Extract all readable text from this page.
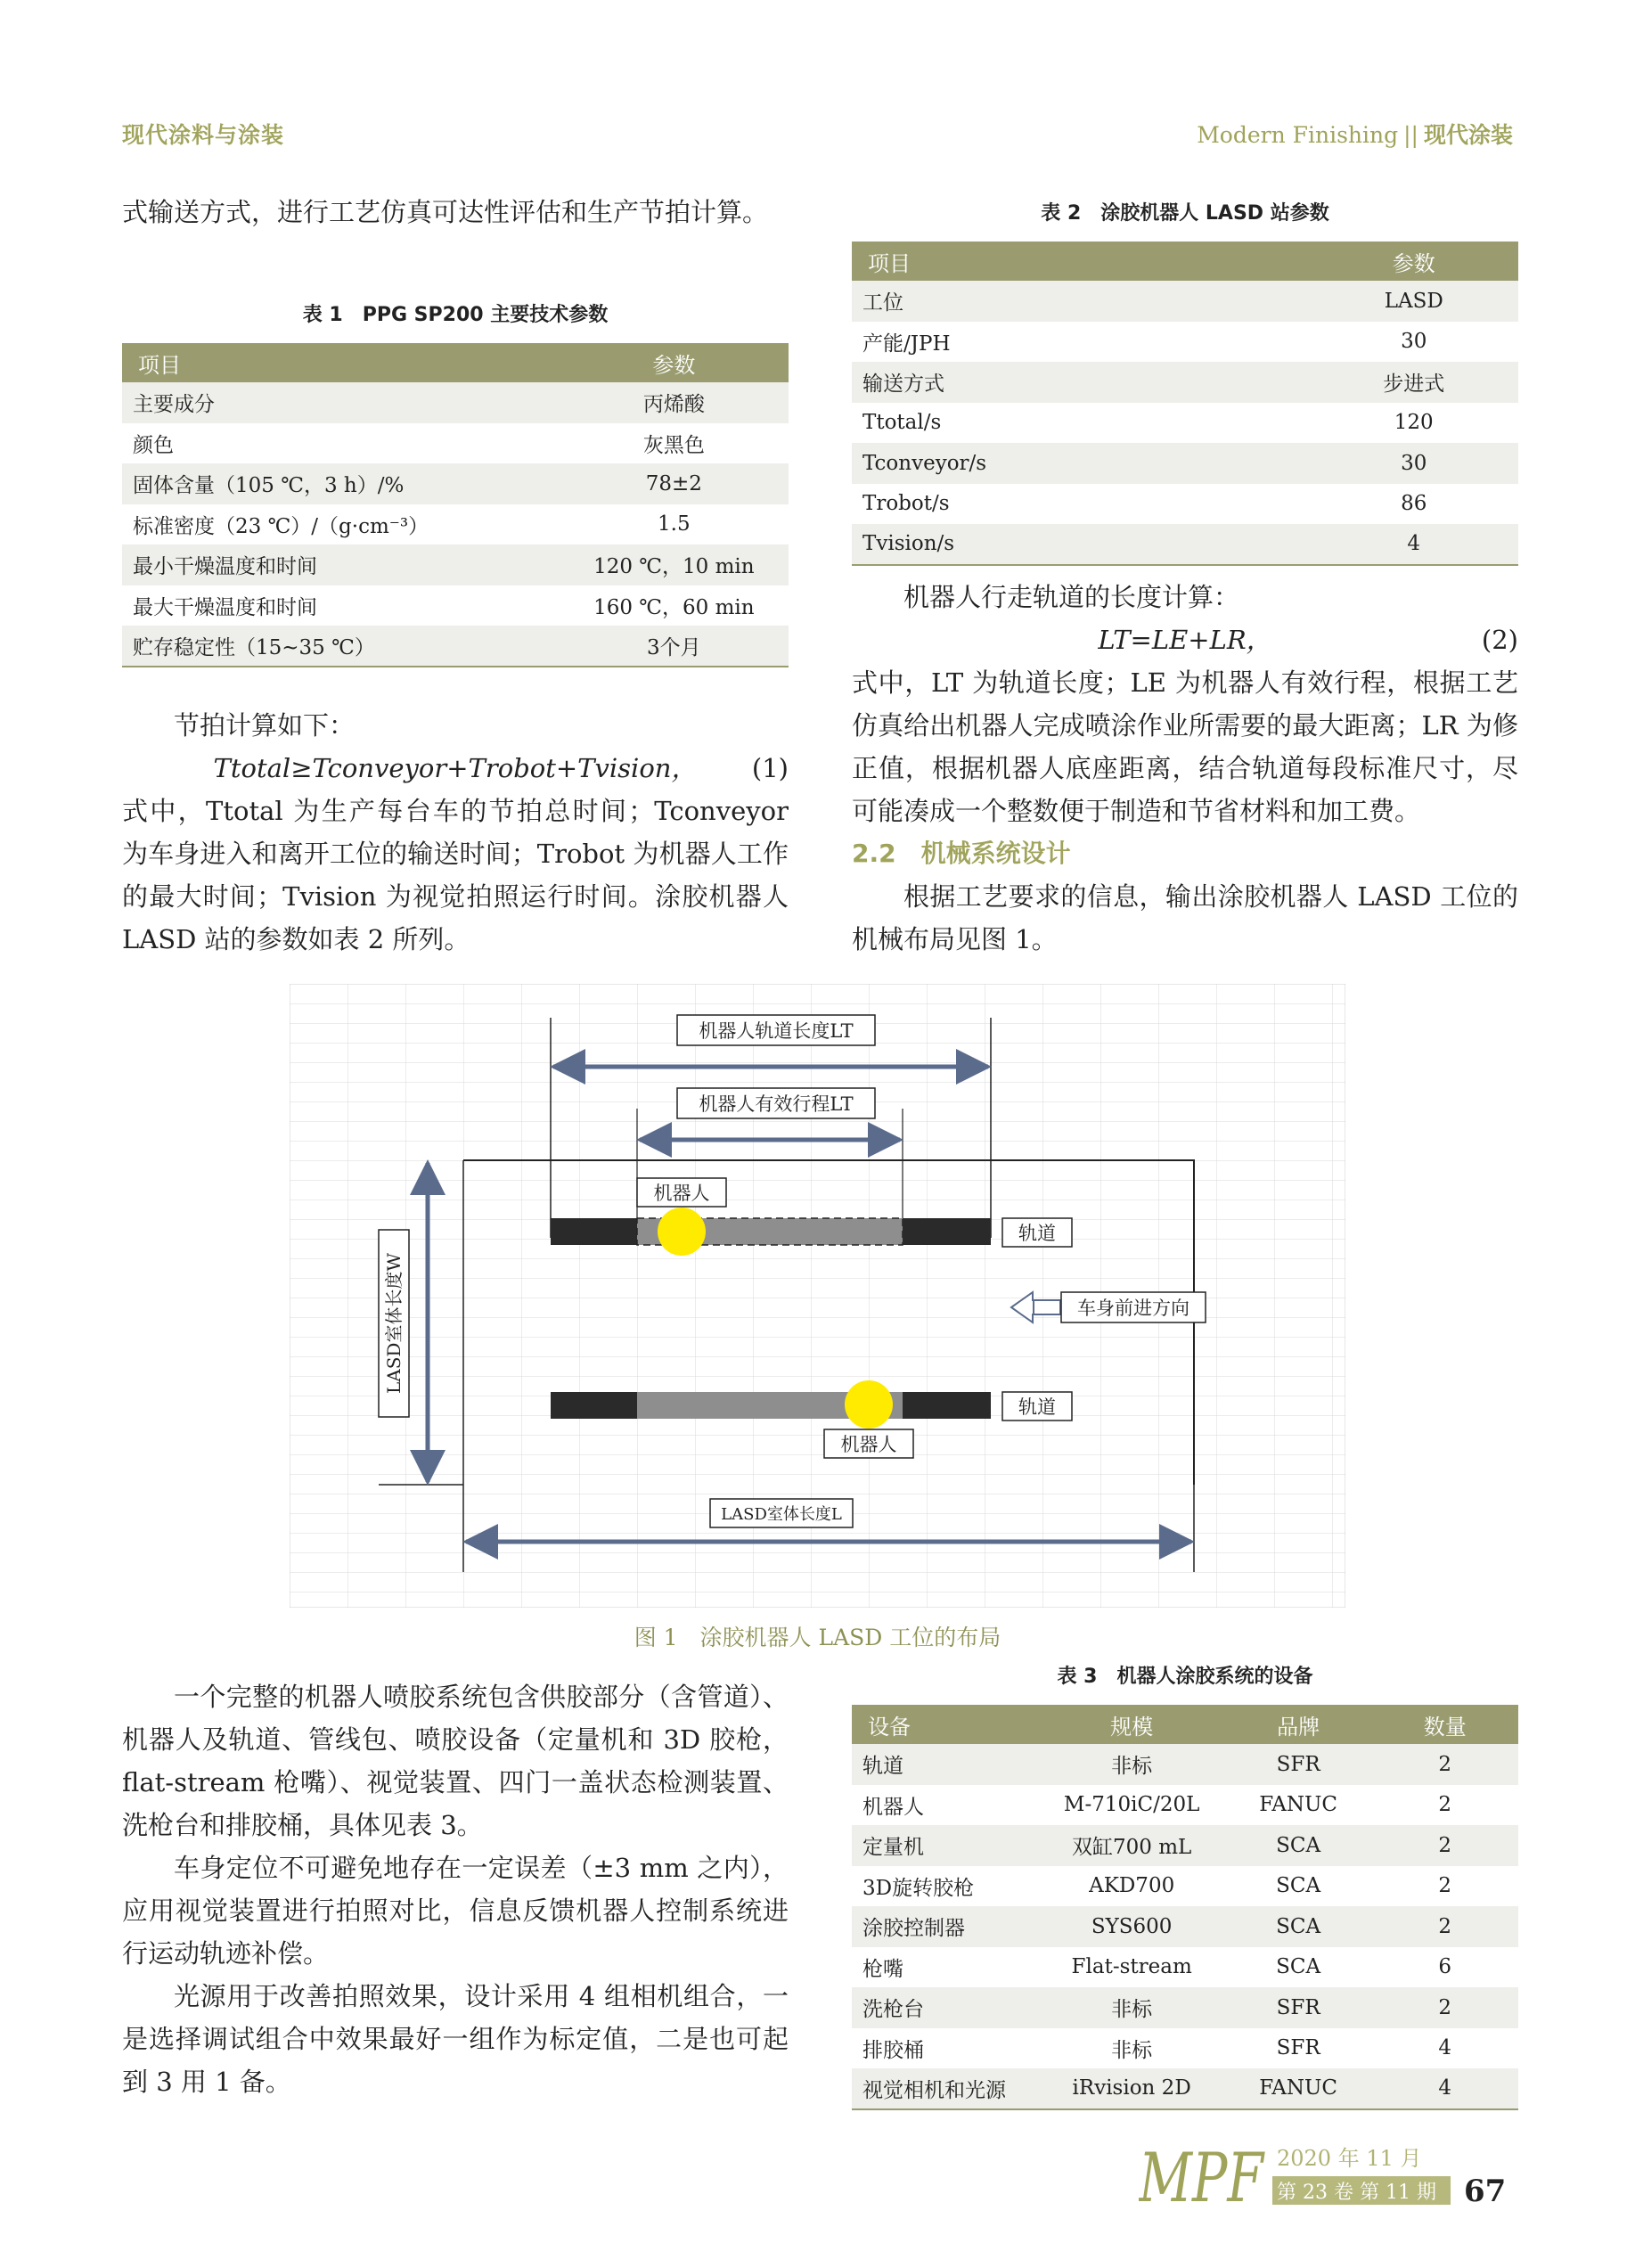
现代涂料与涂装	Modern Finishing || 现代涂装

式输送方式，进行工艺仿真可达性评估和生产节拍计算。

表 1　PPG SP200 主要技术参数
项目	参数
主要成分	丙烯酸
颜色	灰黑色
固体含量（105 ℃，3 h）/%	78±2
标准密度（23 ℃）/（g·cm⁻³）	1.5
最小干燥温度和时间	120 ℃，10 min
最大干燥温度和时间	160 ℃，60 min
贮存稳定性（15~35 ℃）	3个月

节拍计算如下：

Ttotal≥Tconveyor+Trobot+Tvision，	(1)

式中，Ttotal 为生产每台车的节拍总时间；Tconveyor 为车身进入和离开工位的输送时间；Trobot 为机器人工作的最大时间；Tvision 为视觉拍照运行时间。涂胶机器人 LASD 站的参数如表 2 所列。

表 2　涂胶机器人 LASD 站参数
项目	参数
工位	LASD
产能/JPH	30
输送方式	步进式
Ttotal/s	120
Tconveyor/s	30
Trobot/s	86
Tvision/s	4

机器人行走轨道的长度计算：

LT=LE+LR，	(2)

式中，LT 为轨道长度；LE 为机器人有效行程，根据工艺仿真给出机器人完成喷涂作业所需要的最大距离；LR 为修正值，根据机器人底座距离，结合轨道每段标准尺寸，尽可能凑成一个整数便于制造和节省材料和加工费。

2.2　机械系统设计

根据工艺要求的信息，输出涂胶机器人 LASD 工位的机械布局见图 1。

机器人轨道长度LT
机器人有效行程LT
机器人
轨道
机器人
轨道
车身前进方向
LASD室体长度W
LASD室体长度L
图 1　涂胶机器人 LASD 工位的布局

一个完整的机器人喷胶系统包含供胶部分（含管道）、机器人及轨道、管线包、喷胶设备（定量机和 3D 胶枪，flat-stream 枪嘴）、视觉装置、四门一盖状态检测装置、洗枪台和排胶桶，具体见表 3。

车身定位不可避免地存在一定误差（±3 mm 之内），应用视觉装置进行拍照对比，信息反馈机器人控制系统进行运动轨迹补偿。

光源用于改善拍照效果，设计采用 4 组相机组合，一是选择调试组合中效果最好一组作为标定值，二是也可起到 3 用 1 备。

表 3　机器人涂胶系统的设备
设备	规模	品牌	数量
轨道	非标	SFR	2
机器人	M-710iC/20L	FANUC	2
定量机	双缸700 mL	SCA	2
3D旋转胶枪	AKD700	SCA	2
涂胶控制器	SYS600	SCA	2
枪嘴	Flat-stream	SCA	6
洗枪台	非标	SFR	2
排胶桶	非标	SFR	4
视觉相机和光源	iRvision 2D	FANUC	4
MPF 2020 年 11 月
第 23 卷 第 11 期 67
